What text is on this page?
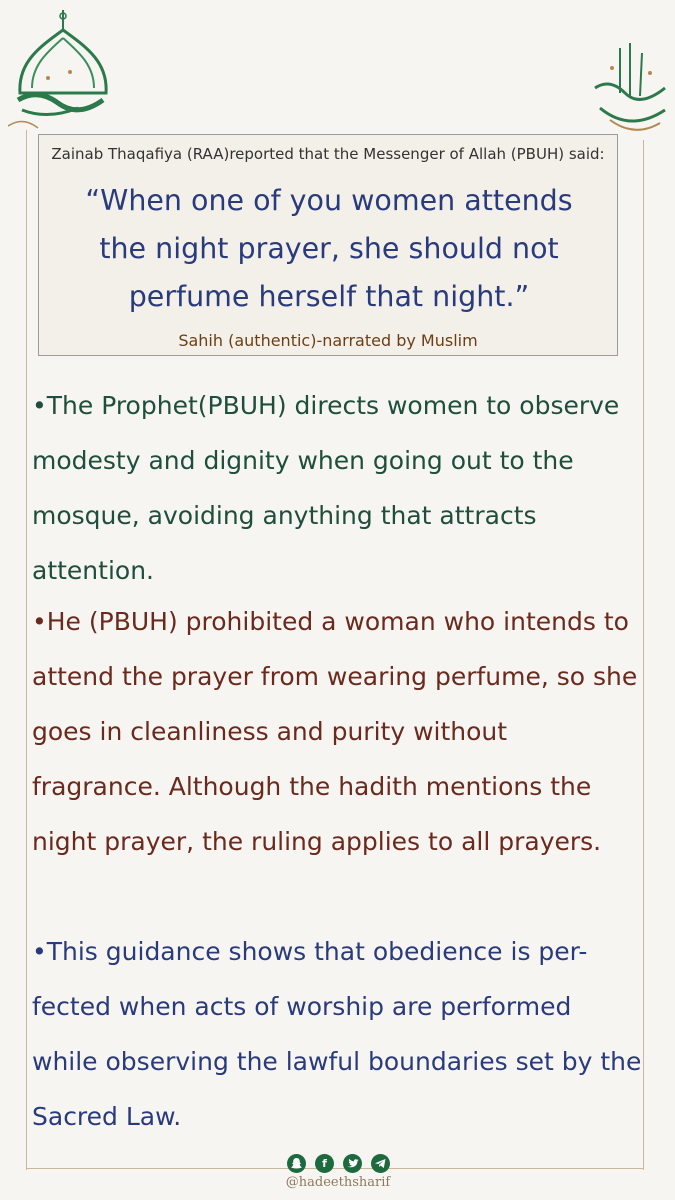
Zainab Thaqafiya (RAA)reported that the Messenger of Allah (PBUH) said:
“When one of you women attends the night prayer, she should not perfume herself that night.”
Sahih (authentic)-narrated by Muslim
•The Prophet(PBUH) directs women to observe modesty and dignity when going out to the mosque, avoiding anything that attracts attention.
•He (PBUH) prohibited a woman who intends to attend the prayer from wearing perfume, so she goes in cleanliness and purity without fragrance. Although the hadith mentions the night prayer, the ruling applies to all prayers.
•This guidance shows that obedience is per-fected when acts of worship are performed while observing the lawful boundaries set by the Sacred Law.
f
@hadeethsharif
